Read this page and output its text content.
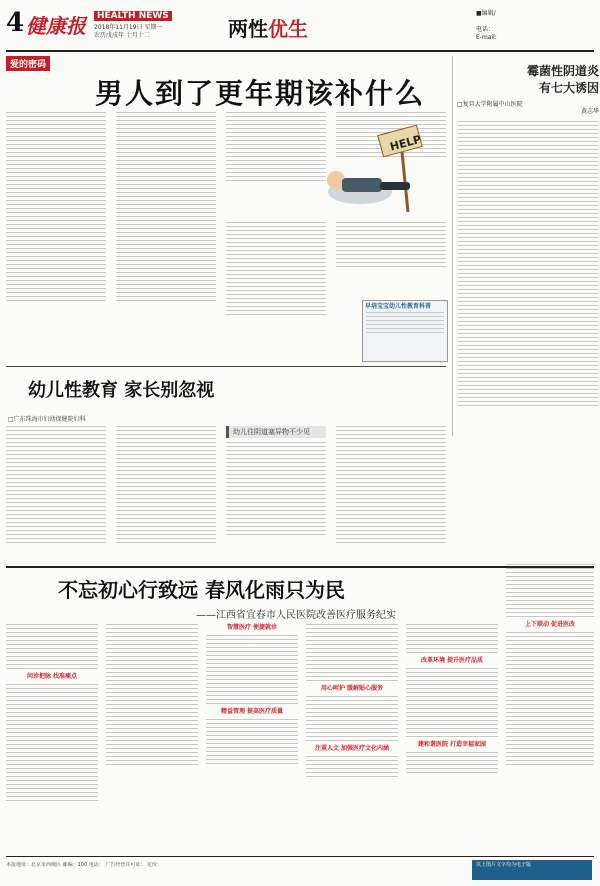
4 健康报	HEALTH NEWS
2018年11月19日 星期一
农历戊戌年 十月十二	两性优生
■编辑/
电话：
E-mail:
爱的密码
男人到了更年期该补什么
霉菌性阴道炎
有七大诱因
□复旦大学附属中山医院
黄志华
HELP
早培宝宝幼儿性教育科普
幼儿性教育 家长别忽视
□广东珠海市妇幼保健院妇科
幼儿往阴道塞异物不少见
不忘初心行致远 春风化雨只为民
——江西省宜春市人民医院改善医疗服务纪实
问诊把脉 找准痛点
智慧医疗 便捷就诊
精益管理 提高医疗质量
用心呵护 缓解贴心服务
注重人文 加强医疗文化内涵
改革环境 提升医疗品质
建和谐医院 打造幸福家园
上下联动 促进医改
本报地址：北京市西城区 邮编：100 电话： 广告经营许可证： 定价：	以上图片文字均为电子版
